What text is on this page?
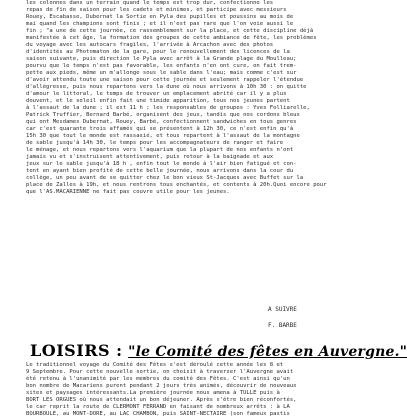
les colonnes dans un terrain quand le temps est trop dur, confectionne les
repas de fin de saison pour les cadets et minimes, et participe avec messieurs
Rouey, Escabasse, Dubernat la Sortie en Pyla des pupilles et poussins au mois de
mai quand les champions sont finis ; et il n'est pas rare que l'on voie aussi le
fin ; "a une de cette journée, ce rassemblement sur la place, et cette discipline déjà
manifestée à cet âge, la formation des groupes de cette ambiance de fête, les problèmes
du voyage avec les autocars fragiles, l'arrivée à Arcachon avec des photos
d'identités au Photomaton de la gare, pour le renouvellement des licences de la
saison suivante, puis direction le Pyla avec arrêt à la Grande plage du Moulleau;
pourvu que le temps n'est pas favorable, les enfants n'en ont cure, on fait trem-
pette aux pieds, même un m'allonge sous le sable dans l'eau; mais comme c'est sur
d'avoir attendu toute une saison pour cette journée et seulement rappeler l'étendue
d'allégresse, puis nous repartons vers la dune où nous arrivons à 10h 30 : on quitte
d'amour le littoral, le temps de trouver un emplacement abrité car il y a plus
douvent, et le soleil enfin fait une timide apparition, tous nos jeunes partent
à l'assaut de la dune ; il est 11 h ; les responsables de groupes : Yves Folliarelle,
Patrick Truffier, Bernard Barbé, organisent des jeux, tandis que nos cordons bleus
qui ont Mesdames Dubernat, Rouey, Barbé, confectionnent sandwiches en tous genres
car c'est quarante trois affamés qui se présentent à 12h 30, ce n'est enfin qu'à
15h 30 que tout le monde est rassasié, et tous repartent à l'assaut de la montagne
de sable jusqu'à 14h 30, le temps pour les accompagnateurs de ranger et faire
le ménage, et nous repartons vers l'aquarium que la plupart de nos enfants n'ont
jamais vu et s'instruisent attentivement, puis retour à la baignade et aux
jeux sur le sable jusqu'à 18 h , enfin tout le monde à l'air bien fatigué et con-
tent en ayant bien profité de cette belle journée, nous arrivons dans la cour du
collège, un peu avant de se quitter chez le bon vieux St-Jacques avec Buffet sur la
place de Zalles à 19h, et nous rentrons tous enchantés, et contents à 20h.Quoi encore pour
que l'AS.MACARIENNE ne fait pas couvre utile pour les jeunes.
A SUIVRE
F. BARBE
LOISIRS : "le Comité des fêtes en Auvergne."
Le traditionnel voyage du Comité des Fêtes s'est déroulé cette année les 8 et
9 Septembre. Pour cette nouvelle sortie, on choisit à traverser l'Auvergne avait
été retenu à l'unanimité par les membres du comité des Fêtes. C'est ainsi qu'un
bon nombre de Macariens purent pendant 2 jours très animés, découvrir de nouveaux
sites et paysages intéressants.La première journée nous amena à TULLE puis à
BORT LES ORGUES où nous attendait un bon déjeuner. Après s'être bien réconfortés,
le car reprit la route de CLERMONT FERRAND en faisant de nombreux arrêts : à LA
BOURBOULE, au MONT-DORE, au LAC CHAMBON, puis SAINT-NECTAIRE (son fameux pastis
